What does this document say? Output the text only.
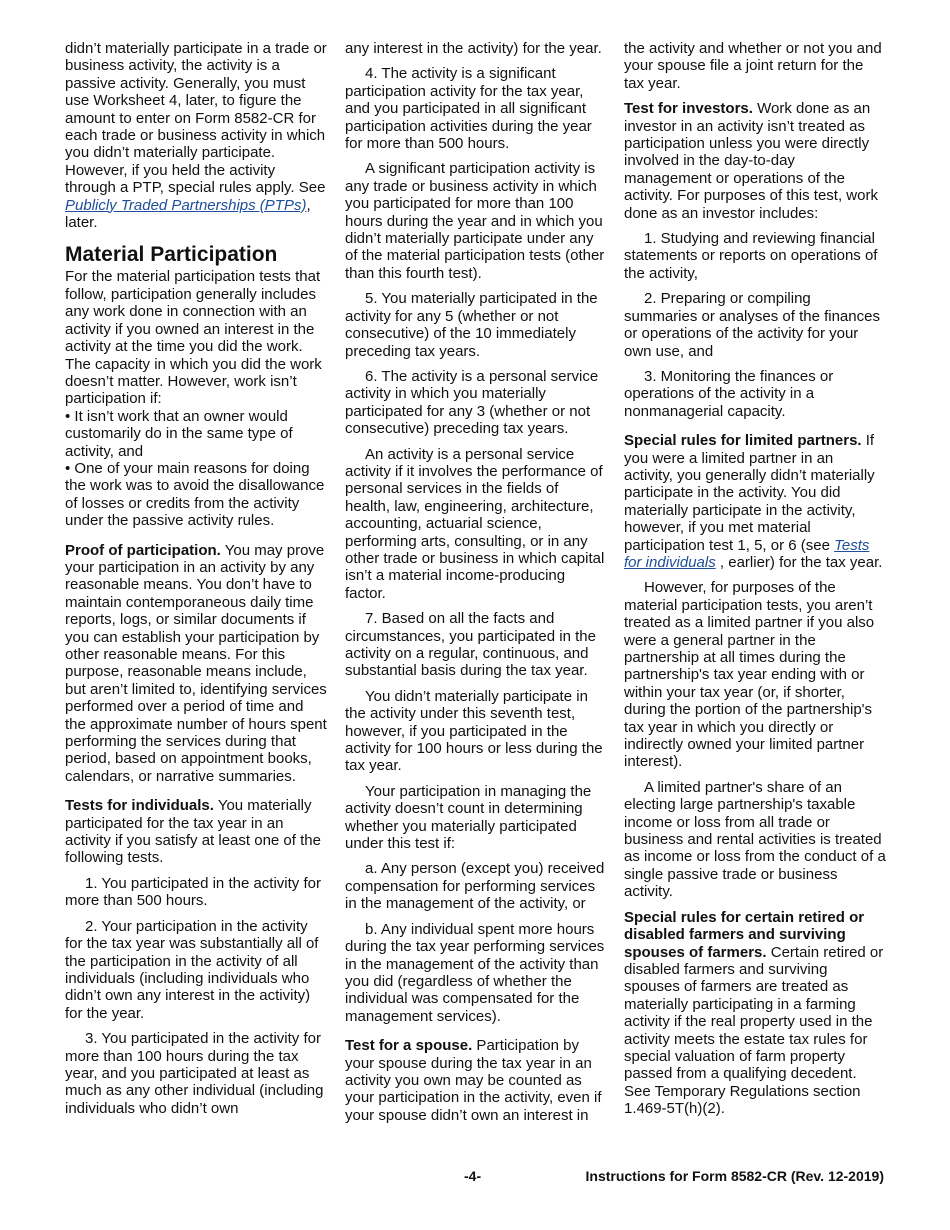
didn’t materially participate in a trade or business activity, the activity is a passive activity. Generally, you must use Worksheet 4, later, to figure the amount to enter on Form 8582-CR for each trade or business activity in which you didn’t materially participate. However, if you held the activity through a PTP, special rules apply. See Publicly Traded Partnerships (PTPs), later.

Material Participation

For the material participation tests that follow, participation generally includes any work done in connection with an activity if you owned an interest in the activity at the time you did the work. The capacity in which you did the work doesn’t matter. However, work isn’t participation if:

• It isn’t work that an owner would customarily do in the same type of activity, and

• One of your main reasons for doing the work was to avoid the disallowance of losses or credits from the activity under the passive activity rules.

Proof of participation. You may prove your participation in an activity by any reasonable means. You don’t have to maintain contemporaneous daily time reports, logs, or similar documents if you can establish your participation by other reasonable means. For this purpose, reasonable means include, but aren’t limited to, identifying services performed over a period of time and the approximate number of hours spent performing the services during that period, based on appointment books, calendars, or narrative summaries.

Tests for individuals. You materially participated for the tax year in an activity if you satisfy at least one of the following tests.

1. You participated in the activity for more than 500 hours.

2. Your participation in the activity for the tax year was substantially all of the participation in the activity of all individuals (including individuals who didn’t own any interest in the activity) for the year.

3. You participated in the activity for more than 100 hours during the tax year, and you participated at least as much as any other individual (including individuals who didn’t own

any interest in the activity) for the year.

4. The activity is a significant participation activity for the tax year, and you participated in all significant participation activities during the year for more than 500 hours.

A significant participation activity is any trade or business activity in which you participated for more than 100 hours during the year and in which you didn’t materially participate under any of the material participation tests (other than this fourth test).

5. You materially participated in the activity for any 5 (whether or not consecutive) of the 10 immediately preceding tax years.

6. The activity is a personal service activity in which you materially participated for any 3 (whether or not consecutive) preceding tax years.

An activity is a personal service activity if it involves the performance of personal services in the fields of health, law, engineering, architecture, accounting, actuarial science, performing arts, consulting, or in any other trade or business in which capital isn’t a material income-producing factor.

7. Based on all the facts and circumstances, you participated in the activity on a regular, continuous, and substantial basis during the tax year.

You didn’t materially participate in the activity under this seventh test, however, if you participated in the activity for 100 hours or less during the tax year.

Your participation in managing the activity doesn’t count in determining whether you materially participated under this test if:

a. Any person (except you) received compensation for performing services in the management of the activity, or

b. Any individual spent more hours during the tax year performing services in the management of the activity than you did (regardless of whether the individual was compensated for the management services).

Test for a spouse. Participation by your spouse during the tax year in an activity you own may be counted as your participation in the activity, even if your spouse didn’t own an interest in

the activity and whether or not you and your spouse file a joint return for the tax year.

Test for investors. Work done as an investor in an activity isn’t treated as participation unless you were directly involved in the day-to-day management or operations of the activity. For purposes of this test, work done as an investor includes:

1. Studying and reviewing financial statements or reports on operations of the activity,

2. Preparing or compiling summaries or analyses of the finances or operations of the activity for your own use, and

3. Monitoring the finances or operations of the activity in a nonmanagerial capacity.

Special rules for limited partners. If you were a limited partner in an activity, you generally didn’t materially participate in the activity. You did materially participate in the activity, however, if you met material participation test 1, 5, or 6 (see Tests for individuals , earlier) for the tax year.

However, for purposes of the material participation tests, you aren’t treated as a limited partner if you also were a general partner in the partnership at all times during the partnership's tax year ending with or within your tax year (or, if shorter, during the portion of the partnership's tax year in which you directly or indirectly owned your limited partner interest).

A limited partner's share of an electing large partnership's taxable income or loss from all trade or business and rental activities is treated as income or loss from the conduct of a single passive trade or business activity.

Special rules for certain retired or disabled farmers and surviving spouses of farmers. Certain retired or disabled farmers and surviving spouses of farmers are treated as materially participating in a farming activity if the real property used in the activity meets the estate tax rules for special valuation of farm property passed from a qualifying decedent. See Temporary Regulations section 1.469-5T(h)(2).

-4-	Instructions for Form 8582-CR (Rev. 12-2019)
